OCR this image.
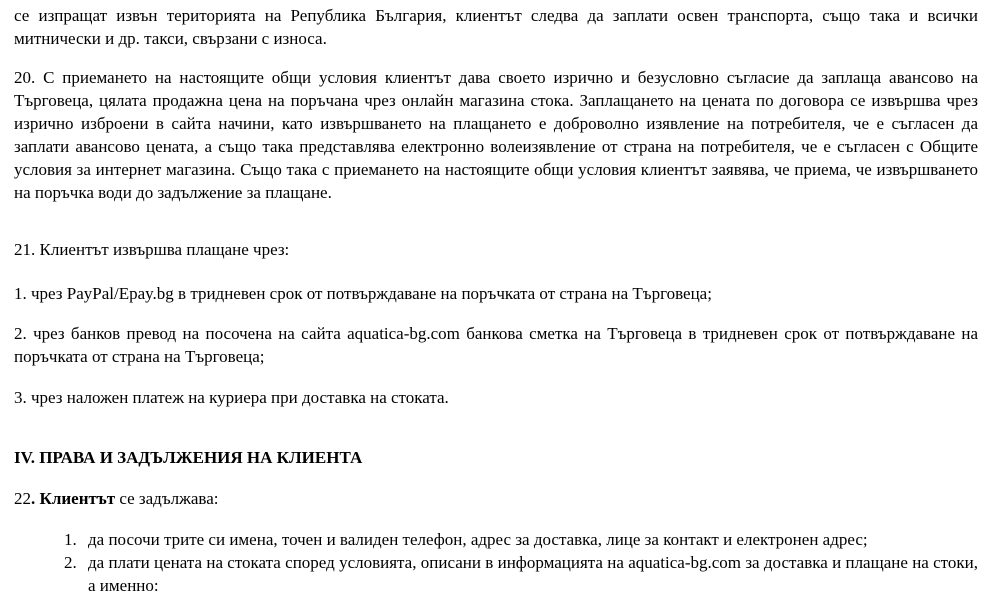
се изпращат извън територията на Република България, клиентът следва да заплати освен транспорта, също така и всички митнически и др. такси, свързани с износа.

20. С приемането на настоящите общи условия клиентът дава своето изрично и безусловно съгласие да заплаща авансово на Търговеца, цялата продажна цена на поръчана чрез онлайн магазина стока. Заплащането на цената по договора се извършва чрез изрично изброени в сайта начини, като извършването на плащането е доброволно изявление на потребителя, че е съгласен да заплати авансово цената, а също така представлява електронно волеизявление от страна на потребителя, че е съгласен с Общите условия за интернет магазина. Също така с приемането на настоящите общи условия клиентът заявява, че приема, че извършването на поръчка води до задължение за плащане.

21. Клиентът извършва плащане чрез:

1. чрез PayPal/Epay.bg в тридневен срок от потвърждаване на поръчката от страна на Търговеца;

2. чрез банков превод на посочена на сайта aquatica-bg.com банкова сметка на Търговеца в тридневен срок от потвърждаване на поръчката от страна на Търговеца;

3. чрез наложен платеж на куриера при доставка на стоката.

IV. ПРАВА И ЗАДЪЛЖЕНИЯ НА КЛИЕНТА

22. Клиентът се задължава:

1. да посочи трите си имена, точен и валиден телефон, адрес за доставка, лице за контакт и електронен адрес;
2. да плати цената на стоката според условията, описани в информацията на aquatica-bg.com за доставка и плащане на стоки, а именно:
